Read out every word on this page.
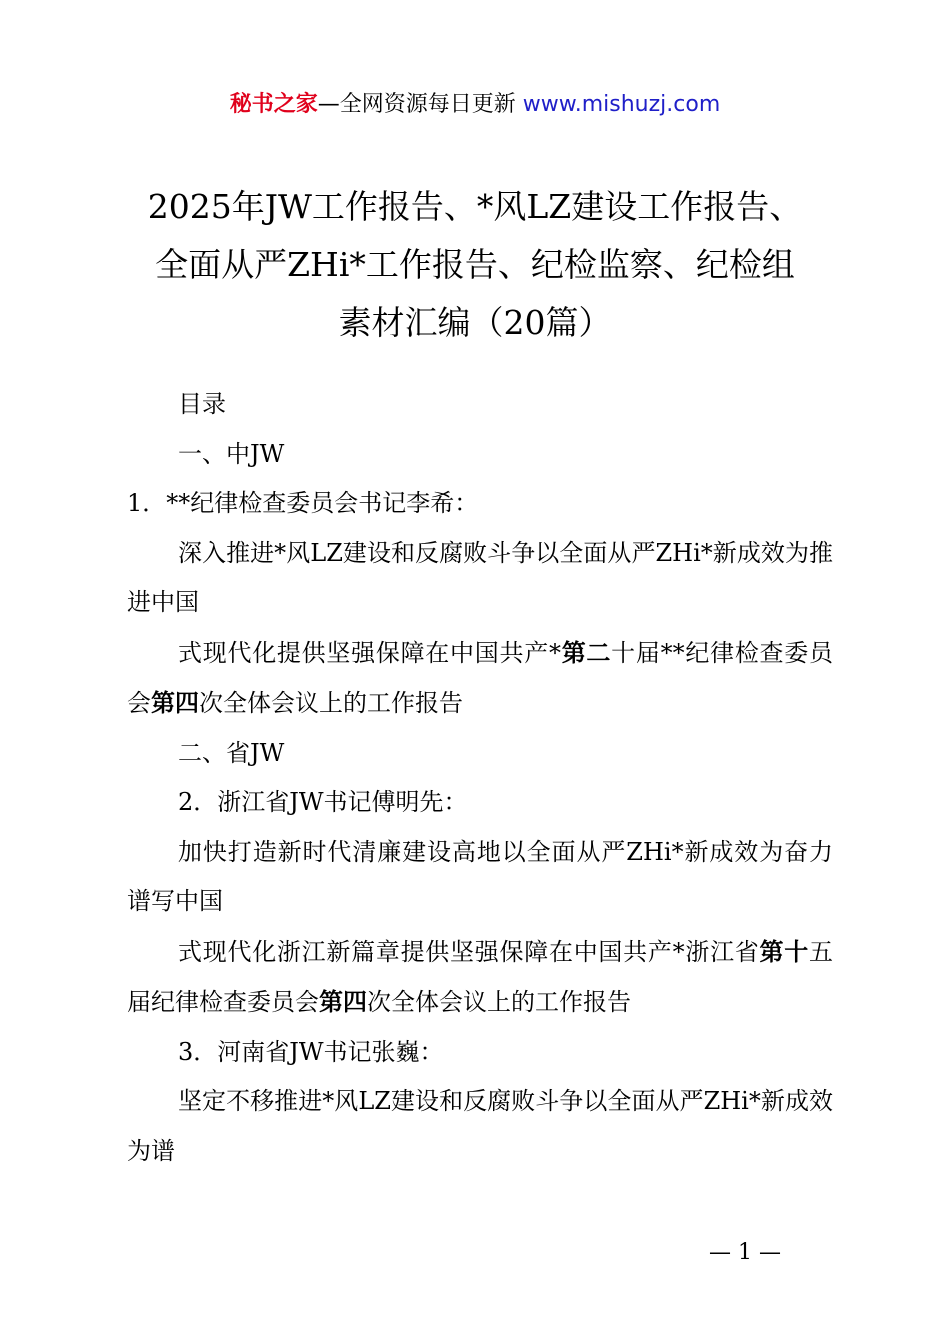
秘书之家—全网资源每日更新 www.mishuzj.com
2025年JW工作报告、*风LZ建设工作报告、
全面从严ZHi*工作报告、纪检监察、纪检组
素材汇编（20篇）

目录

一、中JW

1．**纪律检查委员会书记李希：

深入推进*风LZ建设和反腐败斗争以全面从严ZHi*新成效为推进中国

式现代化提供坚强保障在中国共产*第二十届**纪律检查委员会第四次全体会议上的工作报告

二、省JW

2．浙江省JW书记傅明先：

加快打造新时代清廉建设高地以全面从严ZHi*新成效为奋力谱写中国

式现代化浙江新篇章提供坚强保障在中国共产*浙江省第十五届纪律检查委员会第四次全体会议上的工作报告

3．河南省JW书记张巍：

坚定不移推进*风LZ建设和反腐败斗争以全面从严ZHi*新成效为谱

— 1 —
